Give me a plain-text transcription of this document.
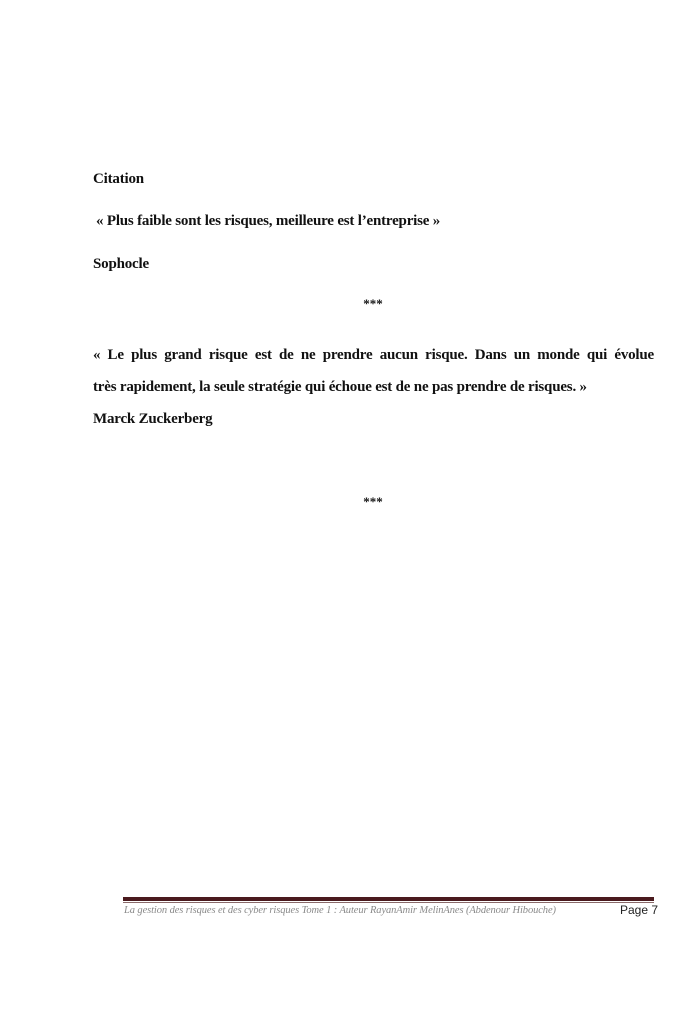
Citation
« Plus faible sont les risques, meilleure est l’entreprise »
Sophocle
***
« Le plus grand risque est de ne prendre aucun risque. Dans un monde qui évolue
très rapidement, la seule stratégie qui échoue est de ne pas prendre de risques. »
Marck Zuckerberg
***
La gestion des risques et des cyber risques Tome 1 : Auteur RayanAmir MelinAnes (Abdenour Hibouche)	Page 7
